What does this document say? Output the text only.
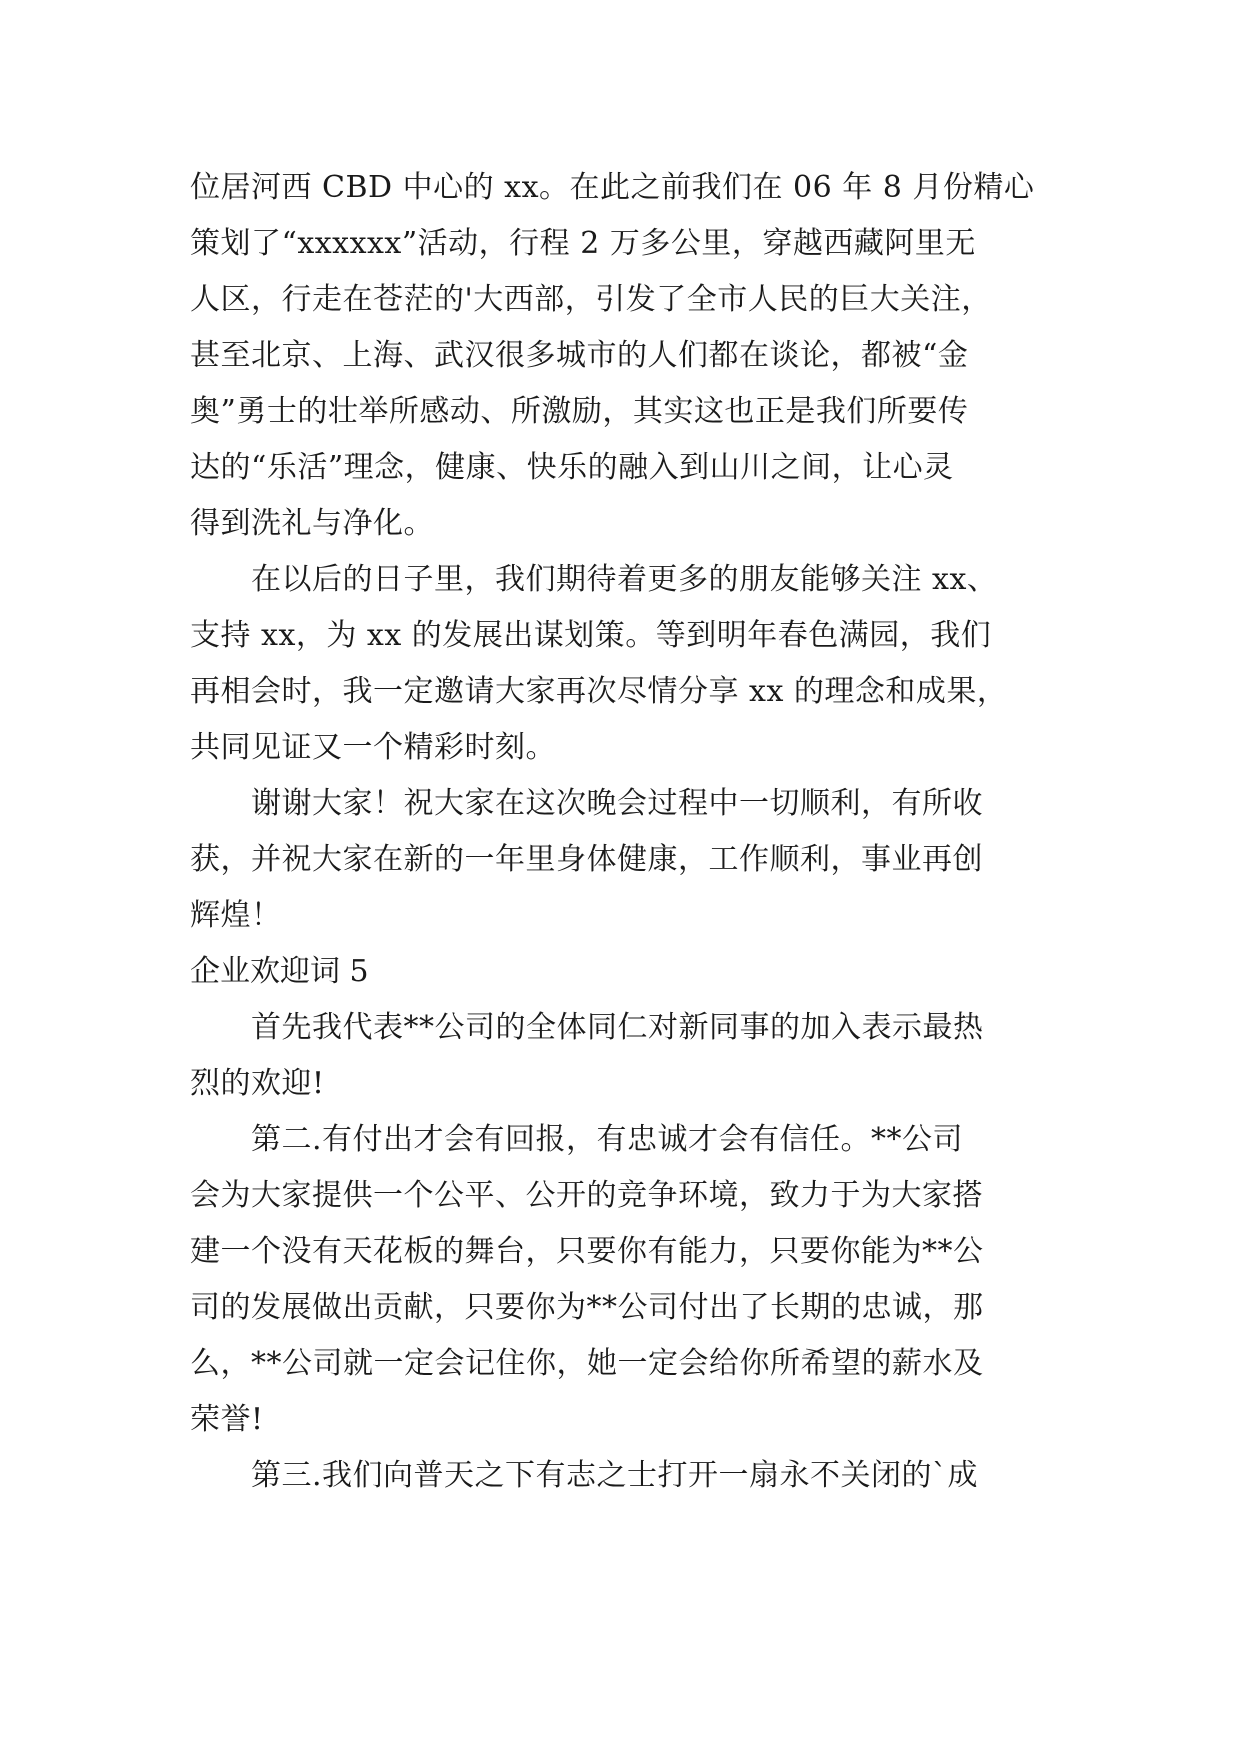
位居河西 CBD 中心的 xx。在此之前我们在 06 年 8 月份精心
策划了“xxxxxx”活动，行程 2 万多公里，穿越西藏阿里无
人区，行走在苍茫的'大西部，引发了全市人民的巨大关注，
甚至北京、上海、武汉很多城市的人们都在谈论，都被“金
奥”勇士的壮举所感动、所激励，其实这也正是我们所要传
达的“乐活”理念，健康、快乐的融入到山川之间，让心灵
得到洗礼与净化。
　　在以后的日子里，我们期待着更多的朋友能够关注 xx、
支持 xx，为 xx 的发展出谋划策。等到明年春色满园，我们
再相会时，我一定邀请大家再次尽情分享 xx 的理念和成果，
共同见证又一个精彩时刻。
　　谢谢大家！祝大家在这次晚会过程中一切顺利，有所收
获，并祝大家在新的一年里身体健康，工作顺利，事业再创
辉煌！
企业欢迎词 5
　　首先我代表**公司的全体同仁对新同事的加入表示最热
烈的欢迎!
　　第二.有付出才会有回报，有忠诚才会有信任。**公司
会为大家提供一个公平、公开的竞争环境，致力于为大家搭
建一个没有天花板的舞台，只要你有能力，只要你能为**公
司的发展做出贡献，只要你为**公司付出了长期的忠诚，那
么，**公司就一定会记住你，她一定会给你所希望的薪水及
荣誉!
　　第三.我们向普天之下有志之士打开一扇永不关闭的`成
